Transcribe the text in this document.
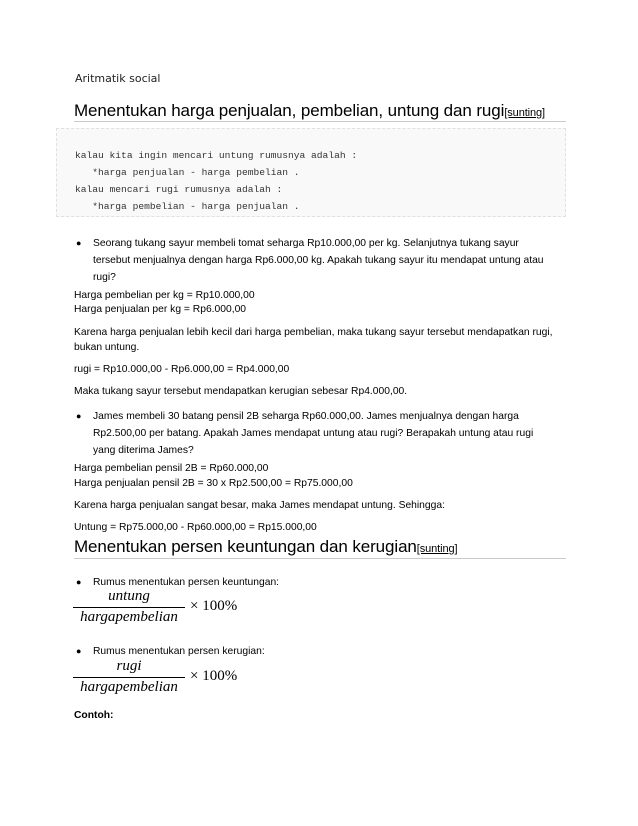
Aritmatik social
Menentukan harga penjualan, pembelian, untung dan rugi[sunting]
kalau kita ingin mencari untung rumusnya adalah :
*harga penjualan - harga pembelian .
kalau mencari rugi rumusnya adalah :
*harga pembelian - harga penjualan .
● Seorang tukang sayur membeli tomat seharga Rp10.000,00 per kg. Selanjutnya tukang sayur
tersebut menjualnya dengan harga Rp6.000,00 kg. Apakah tukang sayur itu mendapat untung atau
rugi?
Harga pembelian per kg = Rp10.000,00
Harga penjualan per kg = Rp6.000,00
Karena harga penjualan lebih kecil dari harga pembelian, maka tukang sayur tersebut mendapatkan rugi,
bukan untung.
rugi = Rp10.000,00 - Rp6.000,00 = Rp4.000,00
Maka tukang sayur tersebut mendapatkan kerugian sebesar Rp4.000,00.
● James membeli 30 batang pensil 2B seharga Rp60.000,00. James menjualnya dengan harga
Rp2.500,00 per batang. Apakah James mendapat untung atau rugi? Berapakah untung atau rugi
yang diterima James?
Harga pembelian pensil 2B = Rp60.000,00
Harga penjualan pensil 2B = 30 x Rp2.500,00 = Rp75.000,00
Karena harga penjualan sangat besar, maka James mendapat untung. Sehingga:
Untung = Rp75.000,00 - Rp60.000,00 = Rp15.000,00
Menentukan persen keuntungan dan kerugian[sunting]
● Rumus menentukan persen keuntungan:
untung
hargapembelian
× 100%
● Rumus menentukan persen kerugian:
rugi
hargapembelian
× 100%
Contoh:
